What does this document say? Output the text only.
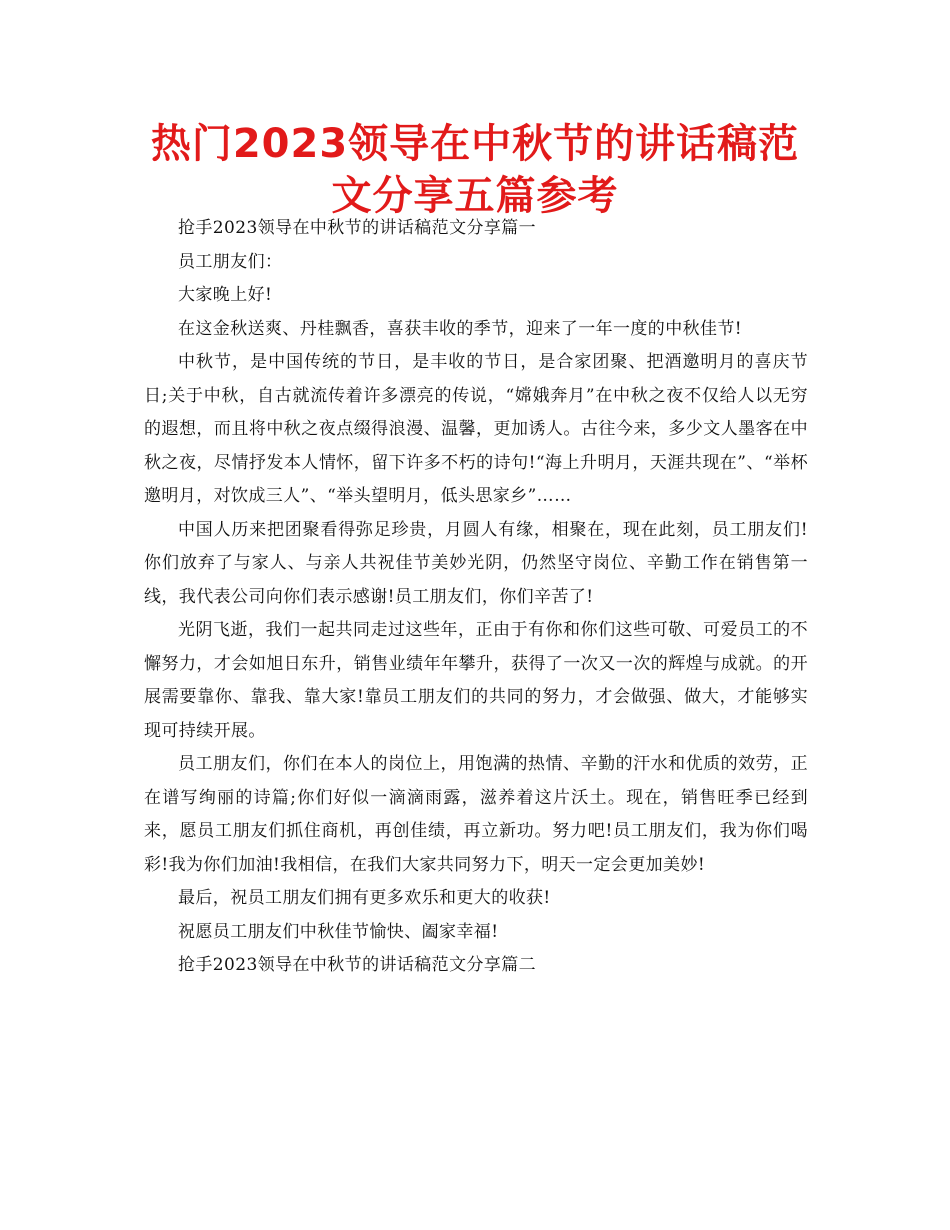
热门2023领导在中秋节的讲话稿范文分享五篇参考

抢手2023领导在中秋节的讲话稿范文分享篇一

员工朋友们：

大家晚上好!

在这金秋送爽、丹桂飘香，喜获丰收的季节，迎来了一年一度的中秋佳节!

中秋节，是中国传统的节日，是丰收的节日，是合家团聚、把酒邀明月的喜庆节日;关于中秋，自古就流传着许多漂亮的传说，“嫦娥奔月”在中秋之夜不仅给人以无穷的遐想，而且将中秋之夜点缀得浪漫、温馨，更加诱人。古往今来，多少文人墨客在中秋之夜，尽情抒发本人情怀，留下许多不朽的诗句!“海上升明月，天涯共现在”、“举杯邀明月，对饮成三人”、“举头望明月，低头思家乡”……

中国人历来把团聚看得弥足珍贵，月圆人有缘，相聚在，现在此刻，员工朋友们!你们放弃了与家人、与亲人共祝佳节美妙光阴，仍然坚守岗位、辛勤工作在销售第一线，我代表公司向你们表示感谢!员工朋友们，你们辛苦了!

光阴飞逝，我们一起共同走过这些年，正由于有你和你们这些可敬、可爱员工的不懈努力，才会如旭日东升，销售业绩年年攀升，获得了一次又一次的辉煌与成就。的开展需要靠你、靠我、靠大家!靠员工朋友们的共同的努力，才会做强、做大，才能够实现可持续开展。

员工朋友们，你们在本人的岗位上，用饱满的热情、辛勤的汗水和优质的效劳，正在谱写绚丽的诗篇;你们好似一滴滴雨露，滋养着这片沃土。现在，销售旺季已经到来，愿员工朋友们抓住商机，再创佳绩，再立新功。努力吧!员工朋友们，我为你们喝彩!我为你们加油!我相信，在我们大家共同努力下，明天一定会更加美妙!

最后，祝员工朋友们拥有更多欢乐和更大的收获!

祝愿员工朋友们中秋佳节愉快、阖家幸福!

抢手2023领导在中秋节的讲话稿范文分享篇二
